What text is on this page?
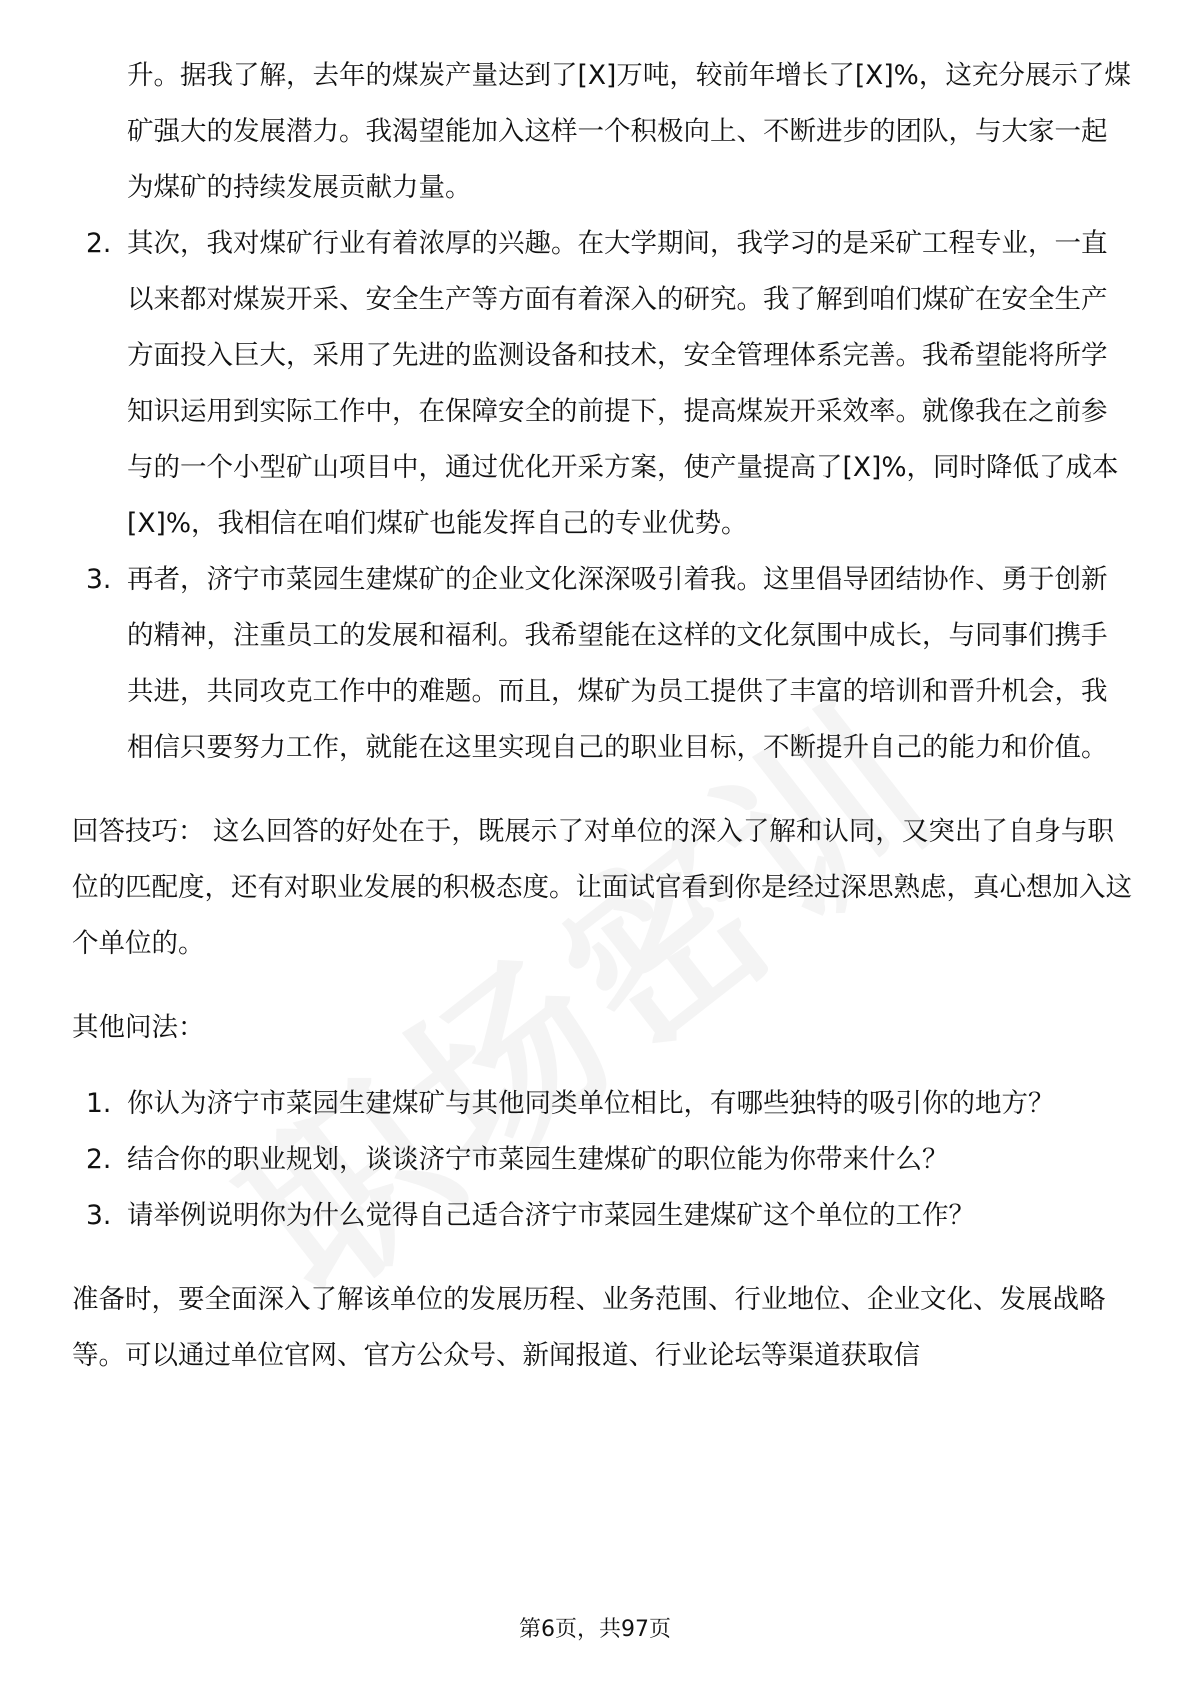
升。据我了解，去年的煤炭产量达到了[X]万吨，较前年增长了[X]%，这充分展示了煤矿强大的发展潜力。我渴望能加入这样一个积极向上、不断进步的团队，与大家一起为煤矿的持续发展贡献力量。

2. 其次，我对煤矿行业有着浓厚的兴趣。在大学期间，我学习的是采矿工程专业，一直以来都对煤炭开采、安全生产等方面有着深入的研究。我了解到咱们煤矿在安全生产方面投入巨大，采用了先进的监测设备和技术，安全管理体系完善。我希望能将所学知识运用到实际工作中，在保障安全的前提下，提高煤炭开采效率。就像我在之前参与的一个小型矿山项目中，通过优化开采方案，使产量提高了[X]%，同时降低了成本[X]%，我相信在咱们煤矿也能发挥自己的专业优势。
3. 再者，济宁市菜园生建煤矿的企业文化深深吸引着我。这里倡导团结协作、勇于创新的精神，注重员工的发展和福利。我希望能在这样的文化氛围中成长，与同事们携手共进，共同攻克工作中的难题。而且，煤矿为员工提供了丰富的培训和晋升机会，我相信只要努力工作，就能在这里实现自己的职业目标，不断提升自己的能力和价值。

回答技巧： 这么回答的好处在于，既展示了对单位的深入了解和认同，又突出了自身与职位的匹配度，还有对职业发展的积极态度。让面试官看到你是经过深思熟虑，真心想加入这个单位的。

其他问法：

1. 你认为济宁市菜园生建煤矿与其他同类单位相比，有哪些独特的吸引你的地方？
2. 结合你的职业规划，谈谈济宁市菜园生建煤矿的职位能为你带来什么？
3. 请举例说明你为什么觉得自己适合济宁市菜园生建煤矿这个单位的工作？

准备时，要全面深入了解该单位的发展历程、业务范围、行业地位、企业文化、发展战略等。可以通过单位官网、官方公众号、新闻报道、行业论坛等渠道获取信

第6页，共97页
